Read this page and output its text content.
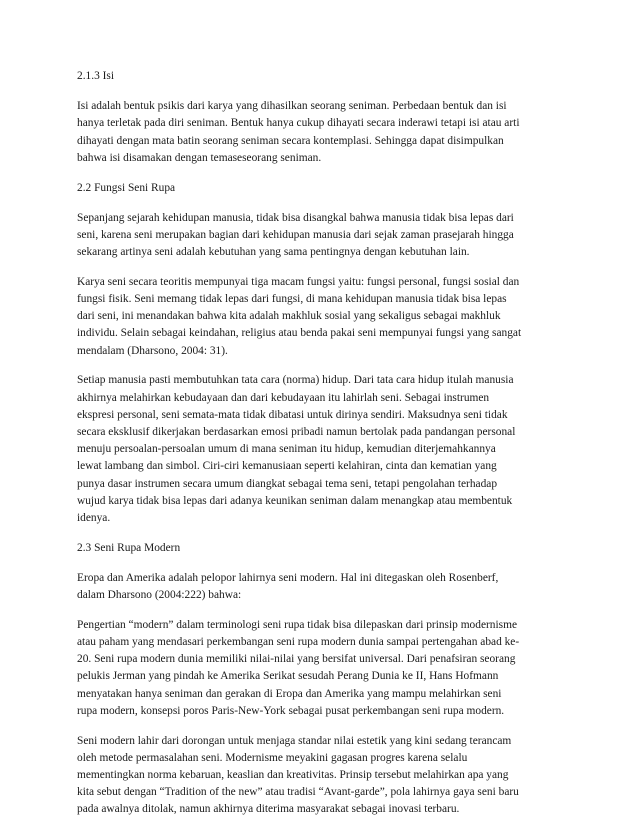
2.1.3 Isi

Isi adalah bentuk psikis dari karya yang dihasilkan seorang seniman. Perbedaan bentuk dan isi
hanya terletak pada diri seniman. Bentuk hanya cukup dihayati secara inderawi tetapi isi atau arti
dihayati dengan mata batin seorang seniman secara kontemplasi. Sehingga dapat disimpulkan
bahwa isi disamakan dengan temaseseorang seniman.

2.2 Fungsi Seni Rupa

Sepanjang sejarah kehidupan manusia, tidak bisa disangkal bahwa manusia tidak bisa lepas dari
seni, karena seni merupakan bagian dari kehidupan manusia dari sejak zaman prasejarah hingga
sekarang artinya seni adalah kebutuhan yang sama pentingnya dengan kebutuhan lain.

Karya seni secara teoritis mempunyai tiga macam fungsi yaitu: fungsi personal, fungsi sosial dan
fungsi fisik. Seni memang tidak lepas dari fungsi, di mana kehidupan manusia tidak bisa lepas
dari seni, ini menandakan bahwa kita adalah makhluk sosial yang sekaligus sebagai makhluk
individu. Selain sebagai keindahan, religius atau benda pakai seni mempunyai fungsi yang sangat
mendalam (Dharsono, 2004: 31).

Setiap manusia pasti membutuhkan tata cara (norma) hidup. Dari tata cara hidup itulah manusia
akhirnya melahirkan kebudayaan dan dari kebudayaan itu lahirlah seni. Sebagai instrumen
ekspresi personal, seni semata-mata tidak dibatasi untuk dirinya sendiri. Maksudnya seni tidak
secara eksklusif dikerjakan berdasarkan emosi pribadi namun bertolak pada pandangan personal
menuju persoalan-persoalan umum di mana seniman itu hidup, kemudian diterjemahkannya
lewat lambang dan simbol. Ciri-ciri kemanusiaan seperti kelahiran, cinta dan kematian yang
punya dasar instrumen secara umum diangkat sebagai tema seni, tetapi pengolahan terhadap
wujud karya tidak bisa lepas dari adanya keunikan seniman dalam menangkap atau membentuk
idenya.

2.3 Seni Rupa Modern

Eropa dan Amerika adalah pelopor lahirnya seni modern. Hal ini ditegaskan oleh Rosenberf,
dalam Dharsono (2004:222) bahwa:

Pengertian “modern” dalam terminologi seni rupa tidak bisa dilepaskan dari prinsip modernisme
atau paham yang mendasari perkembangan seni rupa modern dunia sampai pertengahan abad ke-
20. Seni rupa modern dunia memiliki nilai-nilai yang bersifat universal. Dari penafsiran seorang
pelukis Jerman yang pindah ke Amerika Serikat sesudah Perang Dunia ke II, Hans Hofmann
menyatakan hanya seniman dan gerakan di Eropa dan Amerika yang mampu melahirkan seni
rupa modern, konsepsi poros Paris-New-York sebagai pusat perkembangan seni rupa modern.

Seni modern lahir dari dorongan untuk menjaga standar nilai estetik yang kini sedang terancam
oleh metode permasalahan seni. Modernisme meyakini gagasan progres karena selalu
mementingkan norma kebaruan, keaslian dan kreativitas. Prinsip tersebut melahirkan apa yang
kita sebut dengan “Tradition of the new” atau tradisi “Avant-garde”, pola lahirnya gaya seni baru
pada awalnya ditolak, namun akhirnya diterima masyarakat sebagai inovasi terbaru.
